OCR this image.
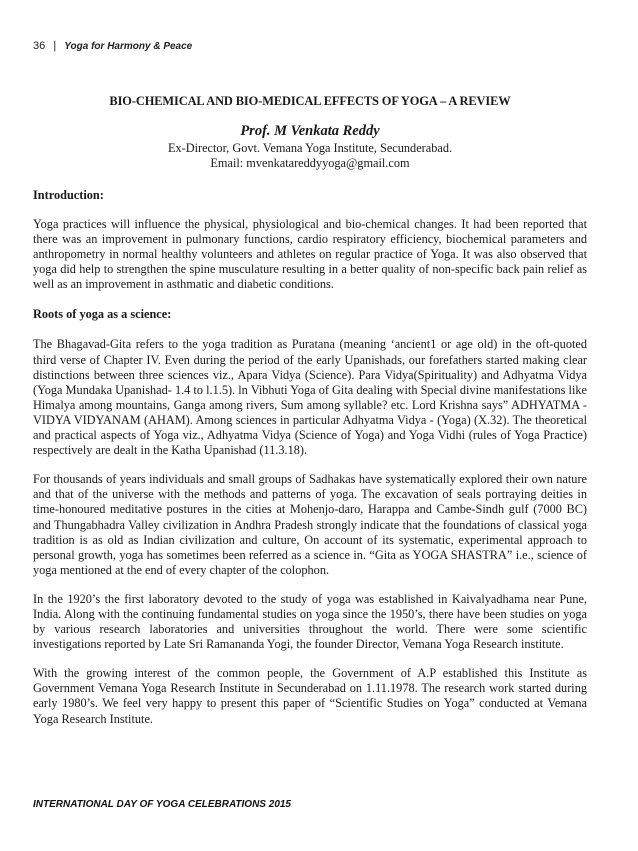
36 | Yoga for Harmony & Peace

BIO-CHEMICAL AND BIO-MEDICAL EFFECTS OF YOGA – A REVIEW

Prof. M Venkata Reddy

Ex-Director, Govt. Vemana Yoga Institute, Secunderabad.

Email: mvenkatareddyyoga@gmail.com

Introduction:

Yoga practices will influence the physical, physiological and bio-chemical changes. It had been reported that there was an improvement in pulmonary functions, cardio respiratory efficiency, biochemical parameters and anthropometry in normal healthy volunteers and athletes on regular practice of Yoga. It was also observed that yoga did help to strengthen the spine musculature resulting in a better quality of non-specific back pain relief as well as an improvement in asthmatic and diabetic conditions.

Roots of yoga as a science:

The Bhagavad-Gita refers to the yoga tradition as Puratana (meaning ‘ancient1 or age old) in the oft-quoted third verse of Chapter IV. Even during the period of the early Upanishads, our forefathers started making clear distinctions between three sciences viz., Apara Vidya (Science). Para Vidya(Spirituality) and Adhyatma Vidya (Yoga Mundaka Upanishad- 1.4 to l.1.5). ln Vibhuti Yoga of Gita dealing with Special divine manifestations like Himalya among mountains, Ganga among rivers, Sum among syllable? etc. Lord Krishna says” ADHYATMA -VIDYA VIDYANAM (AHAM). Among sciences in particular Adhyatma Vidya - (Yoga) (X.32). The theoretical and practical aspects of Yoga viz., Adhyatma Vidya (Science of Yoga) and Yoga Vidhi (rules of Yoga Practice) respectively are dealt in the Katha Upanishad (11.3.18).

For thousands of years individuals and small groups of Sadhakas have systematically explored their own nature and that of the universe with the methods and patterns of yoga. The excavation of seals portraying deities in time-honoured meditative postures in the cities at Mohenjo-daro, Harappa and Cambe-Sindh gulf (7000 BC) and Thungabhadra Valley civilization in Andhra Pradesh strongly indicate that the foundations of classical yoga tradition is as old as Indian civilization and culture, On account of its systematic, experimental approach to personal growth, yoga has sometimes been referred as a science in. “Gita as YOGA SHASTRA” i.e., science of yoga mentioned at the end of every chapter of the colophon.

In the 1920’s the first laboratory devoted to the study of yoga was established in Kaivalyadhama near Pune, India. Along with the continuing fundamental studies on yoga since the 1950’s, there have been studies on yoga by various research laboratories and universities throughout the world. There were some scientific investigations reported by Late Sri Ramananda Yogi, the founder Director, Vemana Yoga Research institute.

With the growing interest of the common people, the Government of A.P established this Institute as Government Vemana Yoga Research Institute in Secunderabad on 1.11.1978. The research work started during early 1980’s. We feel very happy to present this paper of “Scientific Studies on Yoga” conducted at Vemana Yoga Research Institute.

INTERNATIONAL DAY OF YOGA CELEBRATIONS 2015
